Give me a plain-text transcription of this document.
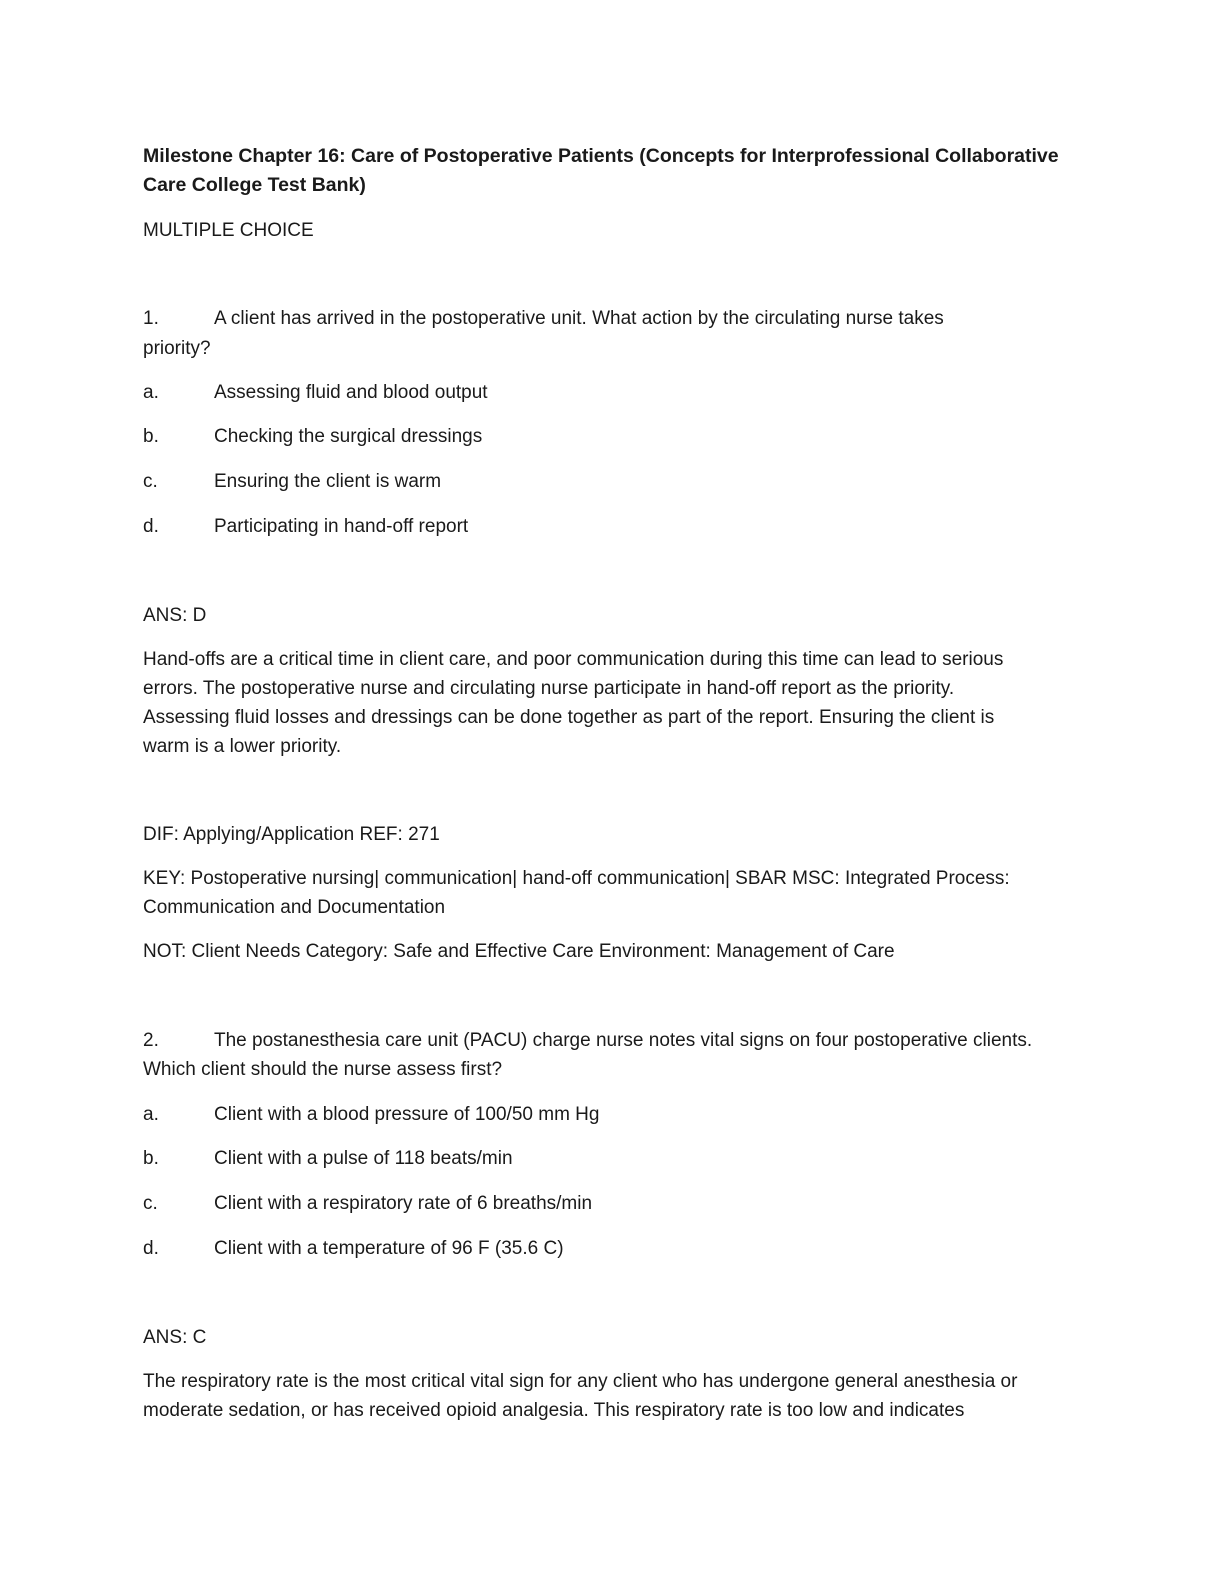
Milestone Chapter 16: Care of Postoperative Patients (Concepts for Interprofessional Collaborative
Care College Test Bank)
MULTIPLE CHOICE
1.	A client has arrived in the postoperative unit. What action by the circulating nurse takes
priority?
a.	Assessing fluid and blood output
b.	Checking the surgical dressings
c.	Ensuring the client is warm
d.	Participating in hand-off report
ANS: D
Hand-offs are a critical time in client care, and poor communication during this time can lead to serious
errors. The postoperative nurse and circulating nurse participate in hand-off report as the priority.
Assessing fluid losses and dressings can be done together as part of the report. Ensuring the client is
warm is a lower priority.
DIF: Applying/Application REF: 271
KEY: Postoperative nursing| communication| hand-off communication| SBAR MSC: Integrated Process:
Communication and Documentation
NOT: Client Needs Category: Safe and Effective Care Environment: Management of Care
2.	The postanesthesia care unit (PACU) charge nurse notes vital signs on four postoperative clients.
Which client should the nurse assess first?
a.	Client with a blood pressure of 100/50 mm Hg
b.	Client with a pulse of 118 beats/min
c.	Client with a respiratory rate of 6 breaths/min
d.	Client with a temperature of 96 F (35.6 C)
ANS: C
The respiratory rate is the most critical vital sign for any client who has undergone general anesthesia or
moderate sedation, or has received opioid analgesia. This respiratory rate is too low and indicates
